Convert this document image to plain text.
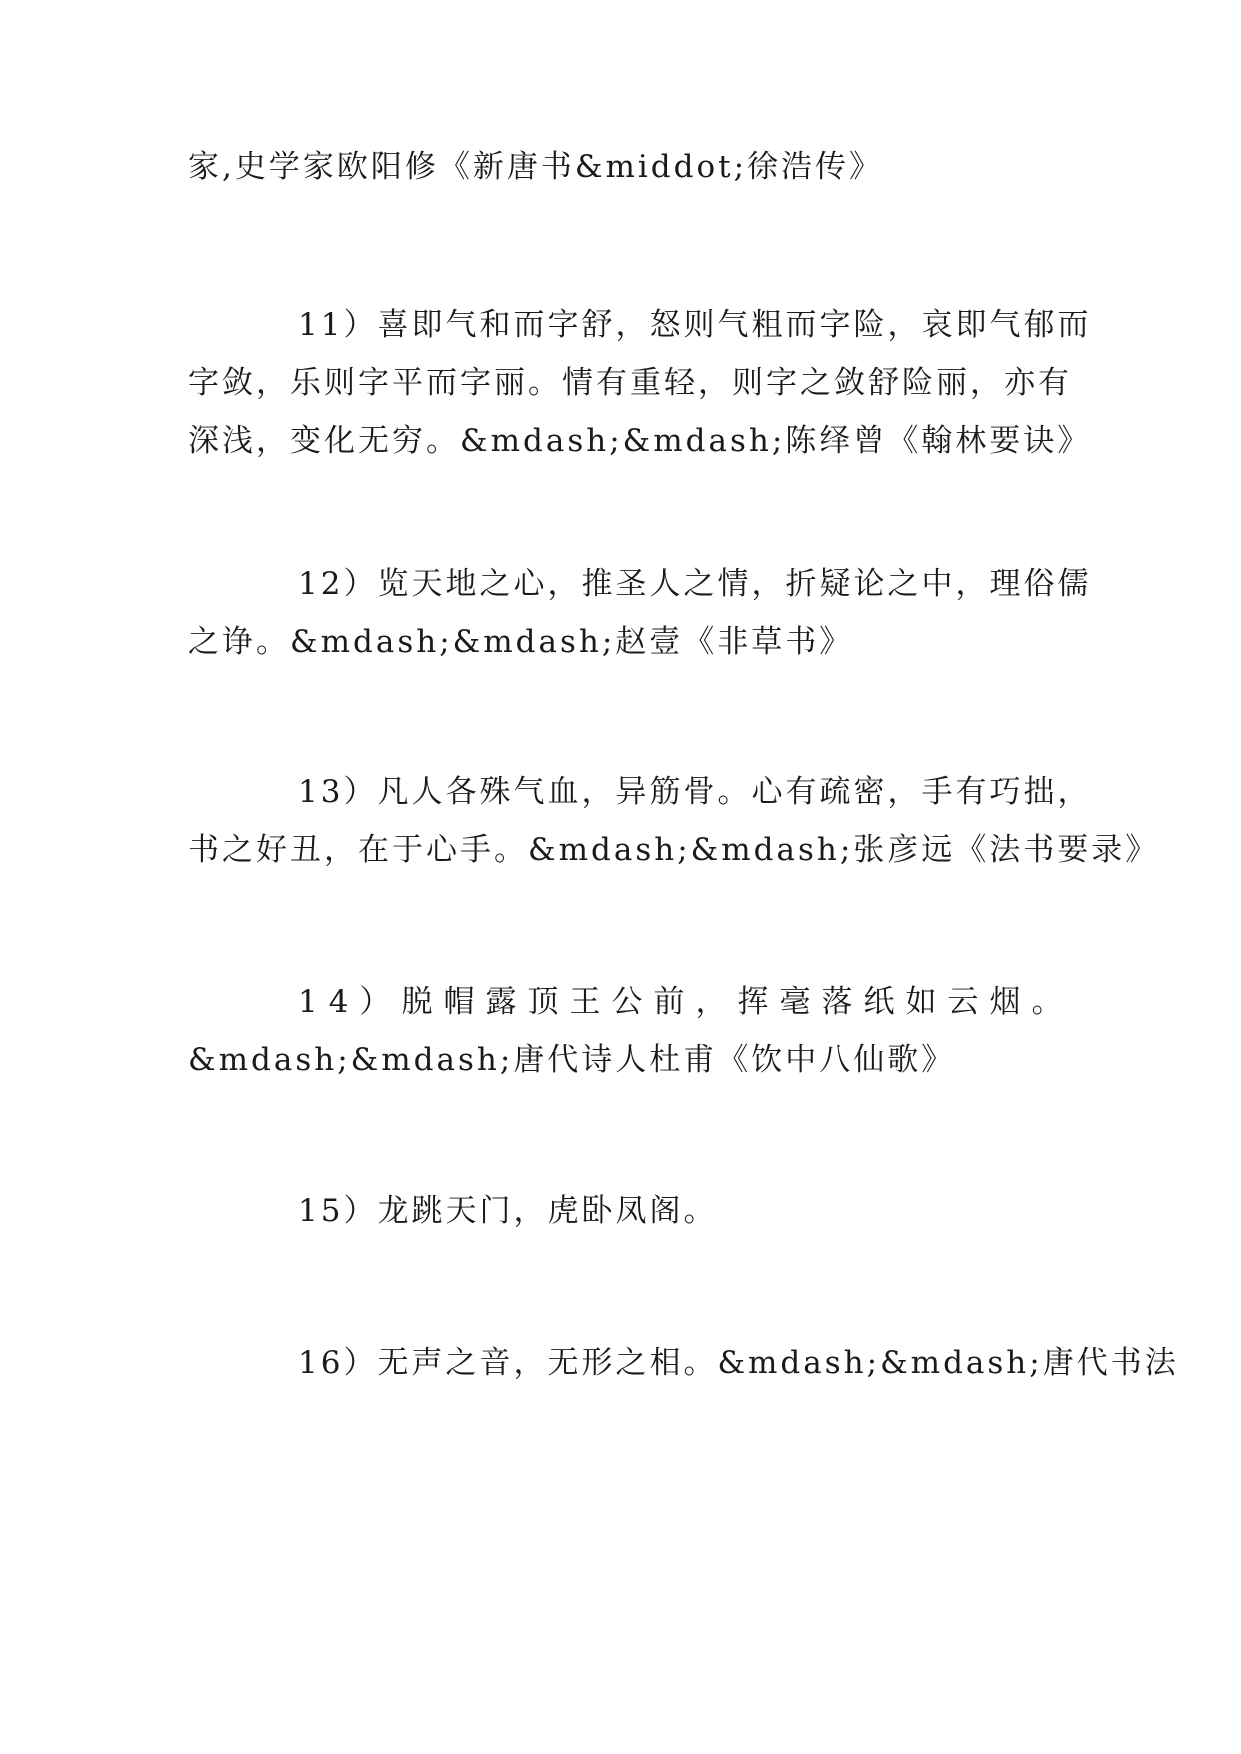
家,史学家欧阳修《新唐书&middot;徐浩传》

11）喜即气和而字舒，怒则气粗而字险，哀即气郁而
字敛，乐则字平而字丽。情有重轻，则字之敛舒险丽，亦有
深浅，变化无穷。&mdash;&mdash;陈绎曾《翰林要诀》

12）览天地之心，推圣人之情，折疑论之中，理俗儒
之诤。&mdash;&mdash;赵壹《非草书》

13）凡人各殊气血，异筋骨。心有疏密，手有巧拙，
书之好丑，在于心手。&mdash;&mdash;张彦远《法书要录》

14）脱帽露顶王公前，挥毫落纸如云烟。
&mdash;&mdash;唐代诗人杜甫《饮中八仙歌》

15）龙跳天门，虎卧凤阁。

16）无声之音，无形之相。&mdash;&mdash;唐代书法
